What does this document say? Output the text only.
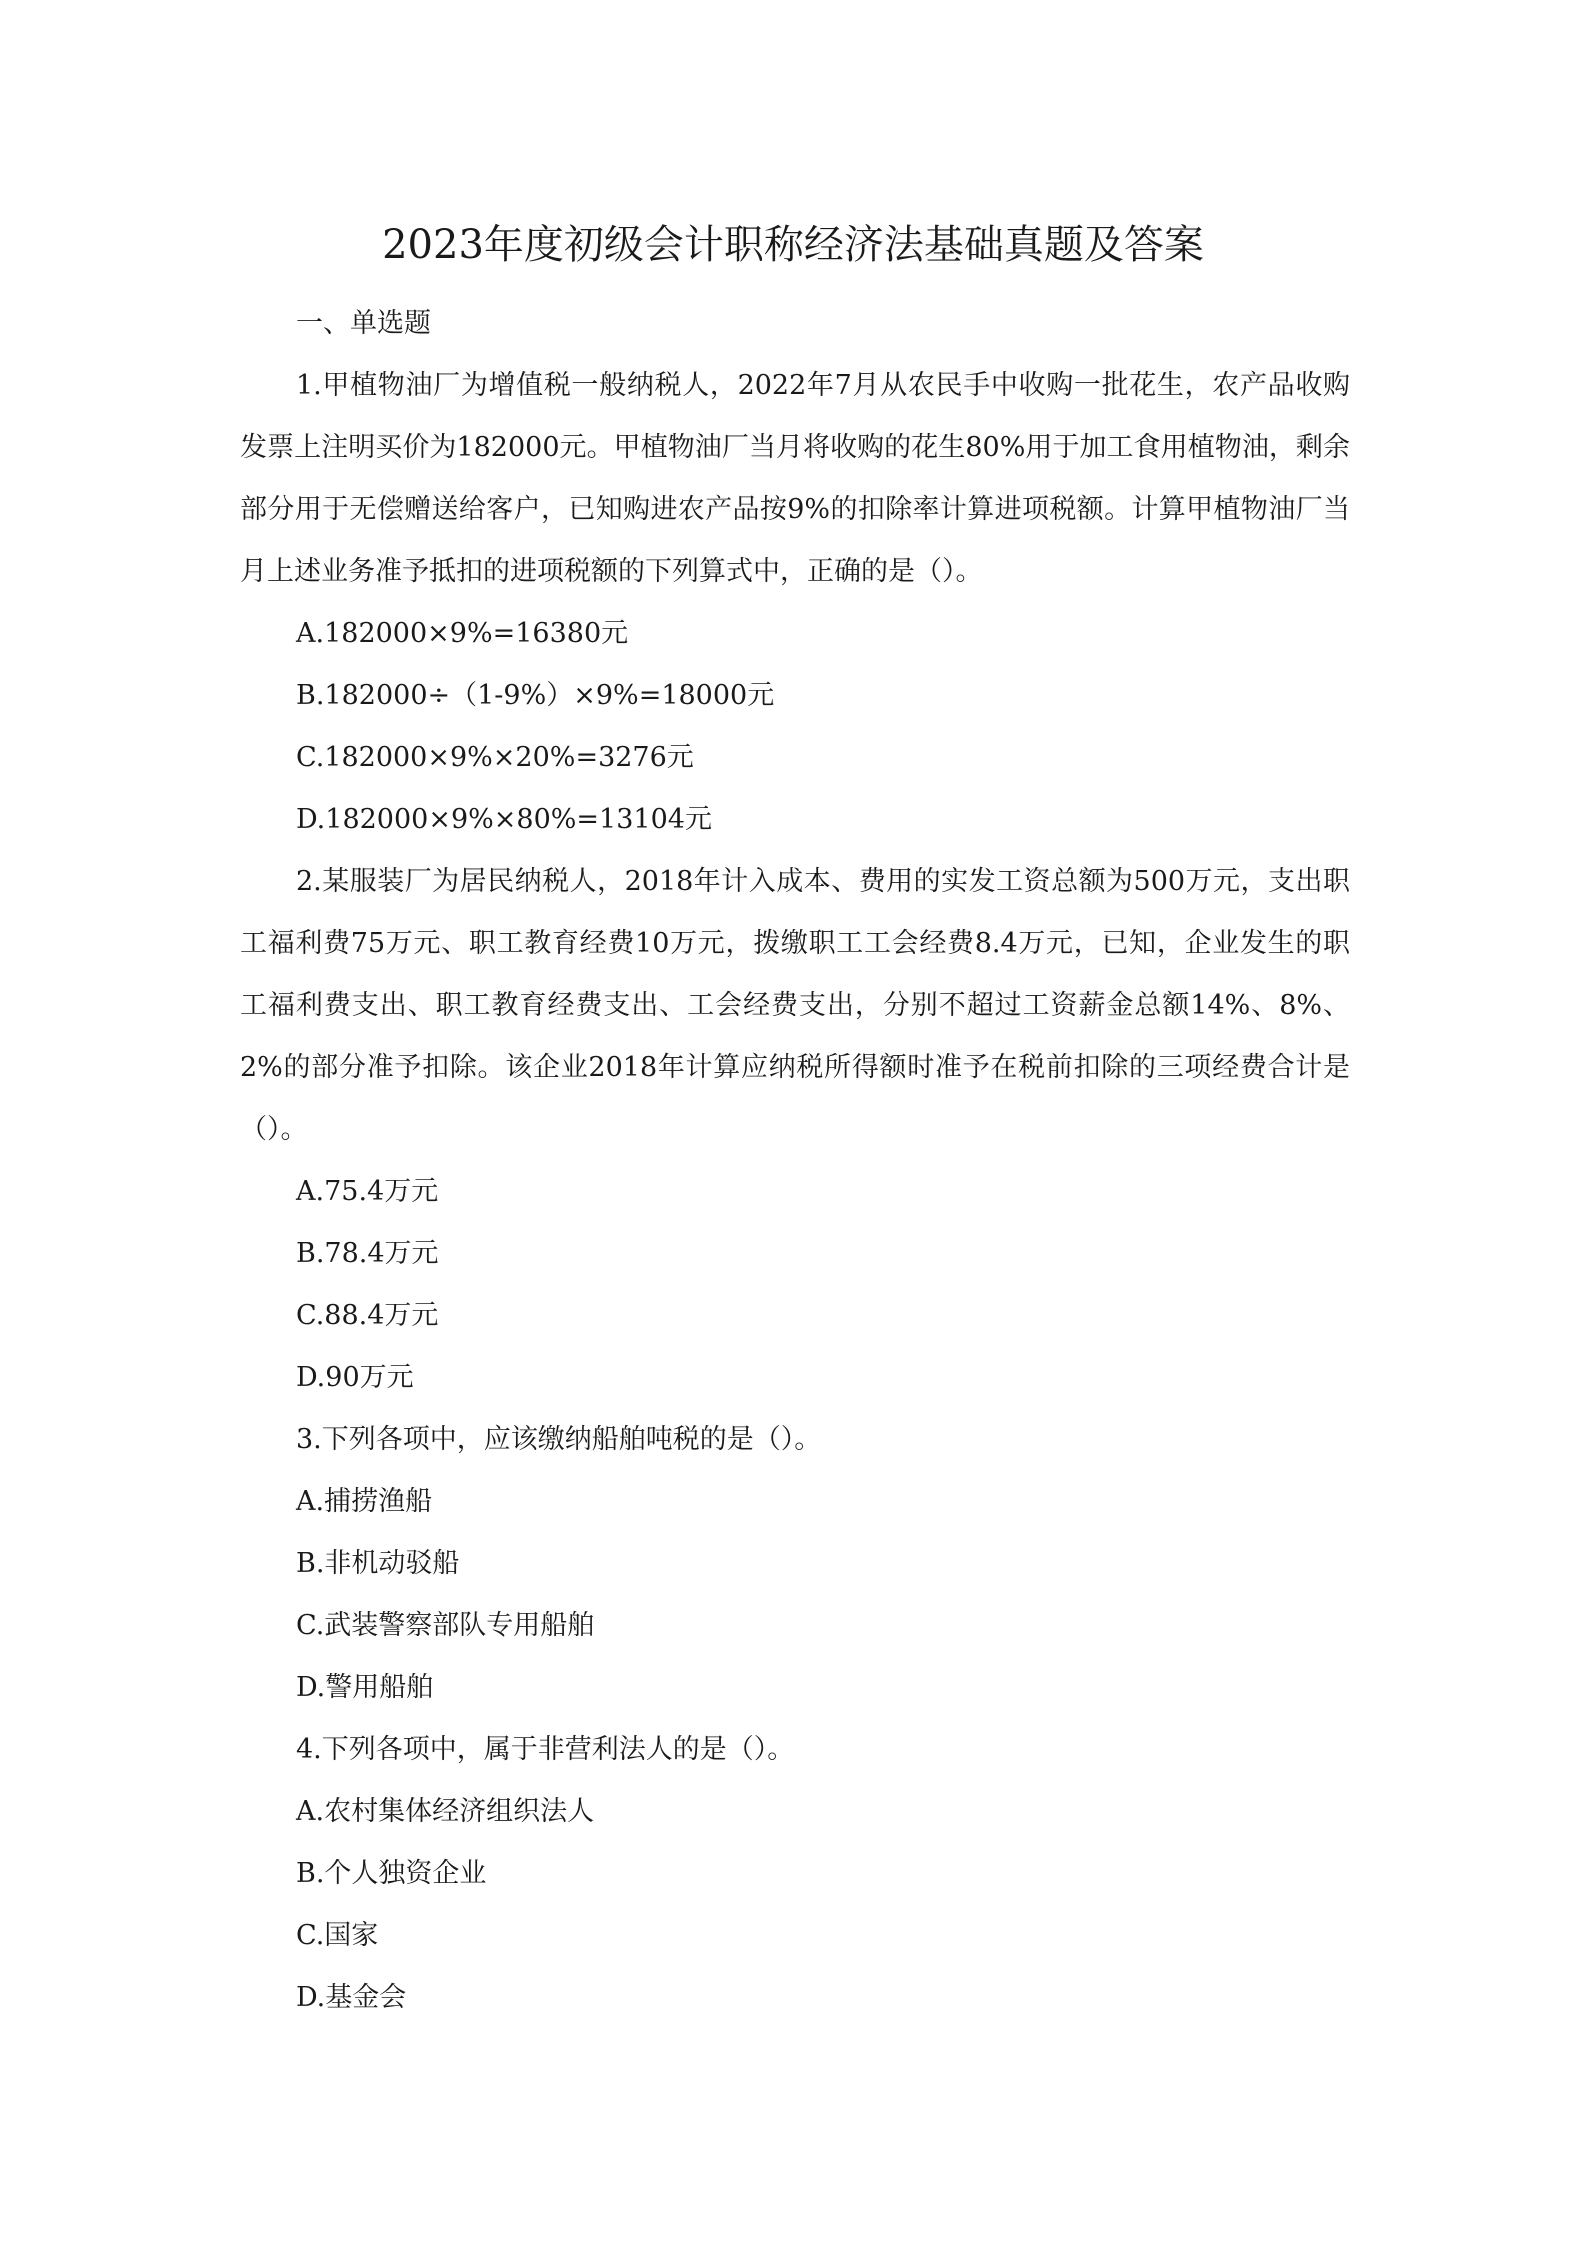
2023年度初级会计职称经济法基础真题及答案

一、单选题

1.甲植物油厂为增值税一般纳税人，2022年7月从农民手中收购一批花生，农产品收购发票上注明买价为182000元。甲植物油厂当月将收购的花生80%用于加工食用植物油，剩余部分用于无偿赠送给客户，已知购进农产品按9%的扣除率计算进项税额。计算甲植物油厂当月上述业务准予抵扣的进项税额的下列算式中，正确的是（）。

A.182000×9%=16380元

B.182000÷（1-9%）×9%=18000元

C.182000×9%×20%=3276元

D.182000×9%×80%=13104元

2.某服装厂为居民纳税人，2018年计入成本、费用的实发工资总额为500万元，支出职工福利费75万元、职工教育经费10万元，拨缴职工工会经费8.4万元，已知，企业发生的职工福利费支出、职工教育经费支出、工会经费支出，分别不超过工资薪金总额14%、8%、2%的部分准予扣除。该企业2018年计算应纳税所得额时准予在税前扣除的三项经费合计是（）。

A.75.4万元

B.78.4万元

C.88.4万元

D.90万元

3.下列各项中，应该缴纳船舶吨税的是（）。

A.捕捞渔船

B.非机动驳船

C.武装警察部队专用船舶

D.警用船舶

4.下列各项中，属于非营利法人的是（）。

A.农村集体经济组织法人

B.个人独资企业

C.国家

D.基金会
